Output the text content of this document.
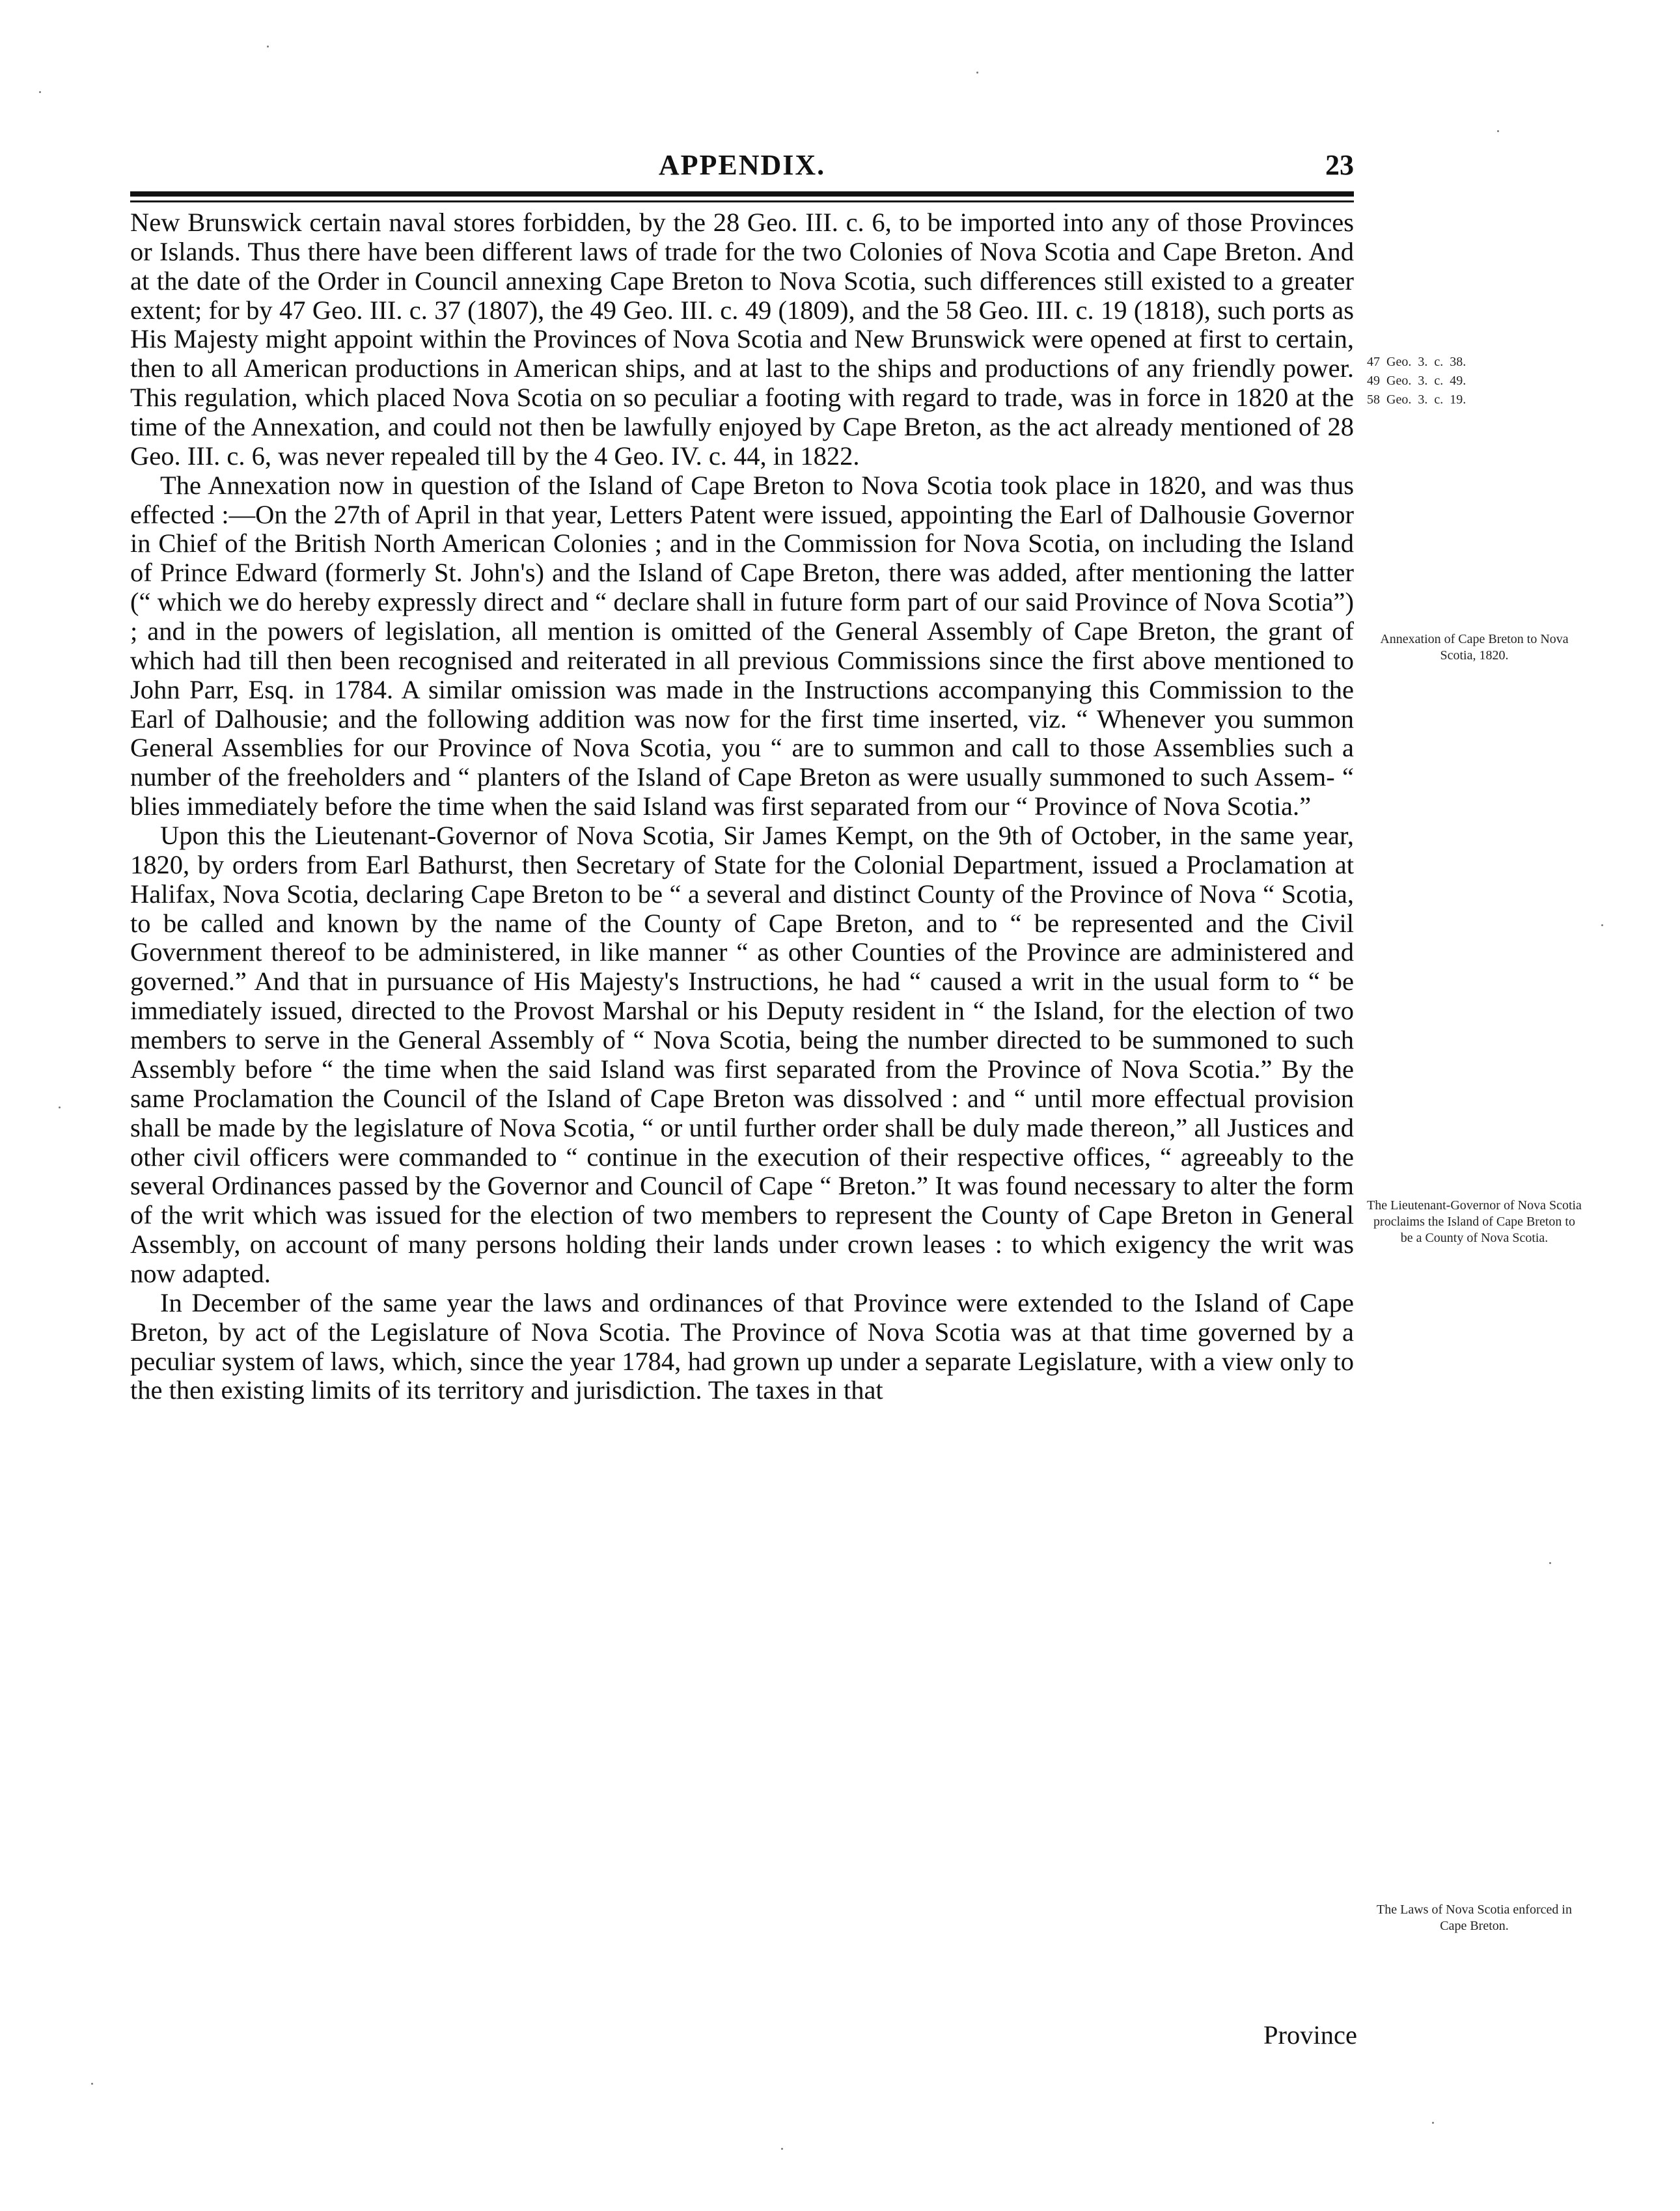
APPENDIX.	23

New Brunswick certain naval stores forbidden, by the 28 Geo. III. c. 6, to be imported into any of those Provinces or Islands. Thus there have been different laws of trade for the two Colonies of Nova Scotia and Cape Breton. And at the date of the Order in Council annexing Cape Breton to Nova Scotia, such differences still existed to a greater extent; for by 47 Geo. III. c. 37 (1807), the 49 Geo. III. c. 49 (1809), and the 58 Geo. III. c. 19 (1818), such ports as His Majesty might appoint within the Provinces of Nova Scotia and New Brunswick were opened at first to certain, then to all American productions in American ships, and at last to the ships and productions of any friendly power. This regulation, which placed Nova Scotia on so peculiar a footing with regard to trade, was in force in 1820 at the time of the Annexation, and could not then be lawfully enjoyed by Cape Breton, as the act already mentioned of 28 Geo. III. c. 6, was never repealed till by the 4 Geo. IV. c. 44, in 1822.

The Annexation now in question of the Island of Cape Breton to Nova Scotia took place in 1820, and was thus effected :—On the 27th of April in that year, Letters Patent were issued, appointing the Earl of Dalhousie Governor in Chief of the British North American Colonies ; and in the Commission for Nova Scotia, on including the Island of Prince Edward (formerly St. John's) and the Island of Cape Breton, there was added, after mentioning the latter (“ which we do hereby expressly direct and “ declare shall in future form part of our said Province of Nova Scotia”) ; and in the powers of legislation, all mention is omitted of the General Assembly of Cape Breton, the grant of which had till then been recognised and reiterated in all previous Commissions since the first above mentioned to John Parr, Esq. in 1784. A similar omission was made in the Instructions accompanying this Commission to the Earl of Dalhousie; and the following addition was now for the first time inserted, viz. “ Whenever you summon General Assemblies for our Province of Nova Scotia, you “ are to summon and call to those Assemblies such a number of the freeholders and “ planters of the Island of Cape Breton as were usually summoned to such Assem- “ blies immediately before the time when the said Island was first separated from our “ Province of Nova Scotia.”

Upon this the Lieutenant-Governor of Nova Scotia, Sir James Kempt, on the 9th of October, in the same year, 1820, by orders from Earl Bathurst, then Secretary of State for the Colonial Department, issued a Proclamation at Halifax, Nova Scotia, declaring Cape Breton to be “ a several and distinct County of the Province of Nova “ Scotia, to be called and known by the name of the County of Cape Breton, and to “ be represented and the Civil Government thereof to be administered, in like manner “ as other Counties of the Province are administered and governed.” And that in pursuance of His Majesty's Instructions, he had “ caused a writ in the usual form to “ be immediately issued, directed to the Provost Marshal or his Deputy resident in “ the Island, for the election of two members to serve in the General Assembly of “ Nova Scotia, being the number directed to be summoned to such Assembly before “ the time when the said Island was first separated from the Province of Nova Scotia.” By the same Proclamation the Council of the Island of Cape Breton was dissolved : and “ until more effectual provision shall be made by the legislature of Nova Scotia, “ or until further order shall be duly made thereon,” all Justices and other civil officers were commanded to “ continue in the execution of their respective offices, “ agreeably to the several Ordinances passed by the Governor and Council of Cape “ Breton.” It was found necessary to alter the form of the writ which was issued for the election of two members to represent the County of Cape Breton in General Assembly, on account of many persons holding their lands under crown leases : to which exigency the writ was now adapted.

In December of the same year the laws and ordinances of that Province were extended to the Island of Cape Breton, by act of the Legislature of Nova Scotia. The Province of Nova Scotia was at that time governed by a peculiar system of laws, which, since the year 1784, had grown up under a separate Legislature, with a view only to the then existing limits of its territory and jurisdiction. The taxes in that

Province
47  Geo.  3.  c.  38.
49  Geo.  3.  c.  49.
58  Geo.  3.  c.  19.
Annexation of Cape Breton to Nova Scotia, 1820.
The Lieutenant-Governor of Nova Scotia proclaims the Island of Cape Breton to be a County of Nova Scotia.
The Laws of Nova Scotia enforced in Cape Breton.
